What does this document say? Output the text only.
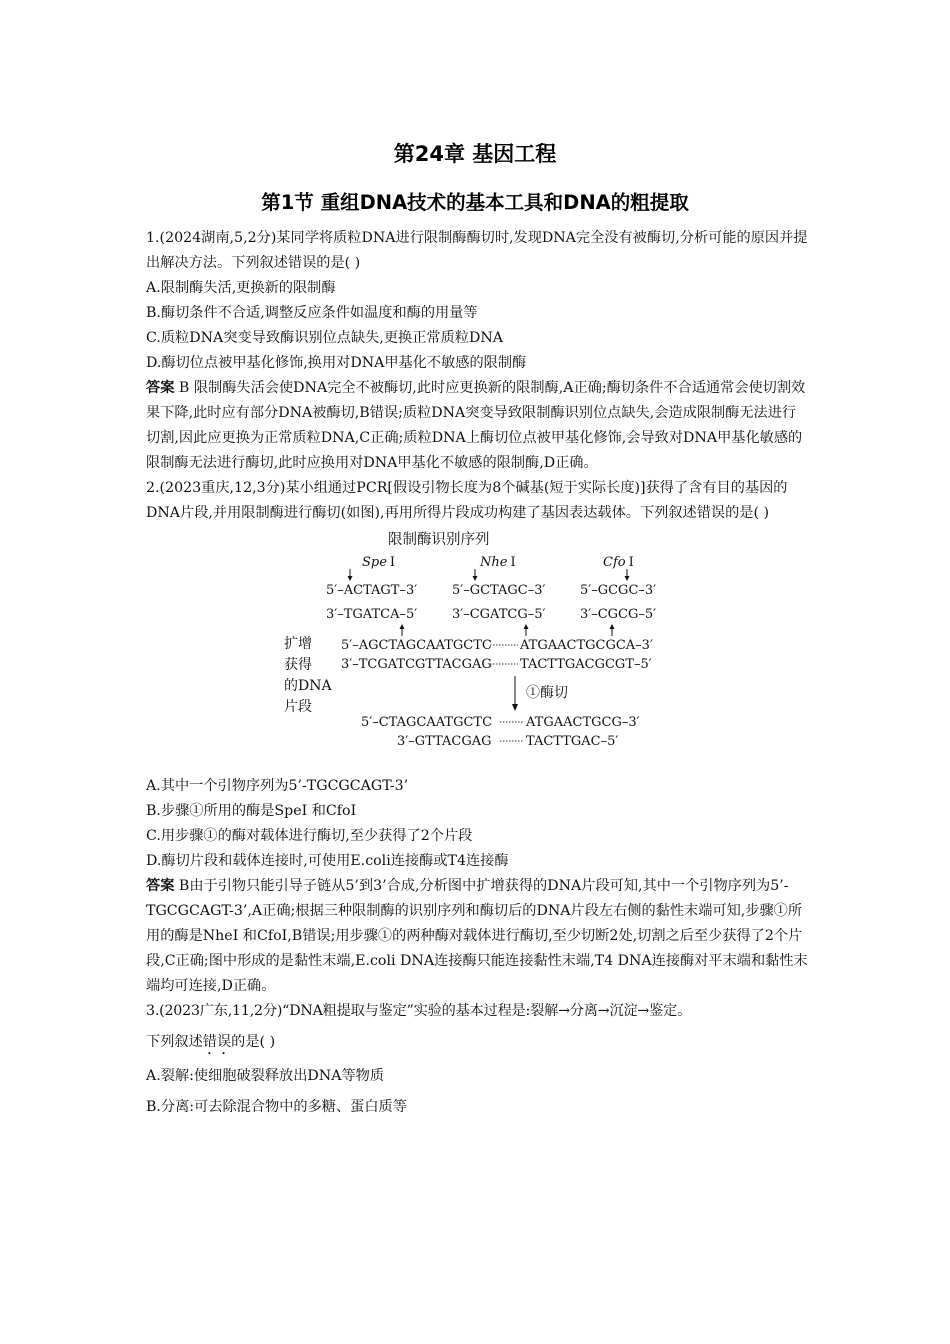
第24章 基因工程
第1节 重组DNA技术的基本工具和DNA的粗提取

1.(2024湖南,5,2分)某同学将质粒DNA进行限制酶酶切时,发现DNA完全没有被酶切,分析可能的原因并提出解决方法。下列叙述错误的是( )

A.限制酶失活,更换新的限制酶

B.酶切条件不合适,调整反应条件如温度和酶的用量等

C.质粒DNA突变导致酶识别位点缺失,更换正常质粒DNA

D.酶切位点被甲基化修饰,换用对DNA甲基化不敏感的限制酶

答案 B 限制酶失活会使DNA完全不被酶切,此时应更换新的限制酶,A正确;酶切条件不合适通常会使切割效果下降,此时应有部分DNA被酶切,B错误;质粒DNA突变导致限制酶识别位点缺失,会造成限制酶无法进行切割,因此应更换为正常质粒DNA,C正确;质粒DNA上酶切位点被甲基化修饰,会导致对DNA甲基化敏感的限制酶无法进行酶切,此时应换用对DNA甲基化不敏感的限制酶,D正确。

2.(2023重庆,12,3分)某小组通过PCR[假设引物长度为8个碱基(短于实际长度)]获得了含有目的基因的DNA片段,并用限制酶进行酶切(如图),再用所得片段成功构建了基因表达载体。下列叙述错误的是( )

限制酶识别序列
Spe Ⅰ	Nhe Ⅰ	Cfo Ⅰ
5′–ACTAGT–3′
3′–TGATCA–5′
5′–GCTAGC–3′
3′–CGATCG–5′
5′–GCGC–3′
3′–CGCG–5′
扩增
获得
的DNA
片段
5′–AGCTAGCAATGCTC ATGAACTGCGCA–3′
3′–TCGATCGTTACGAG TACTTGACGCGT–5′
①酶切
5′–CTAGCAATGCTC	ATGAACTGCG–3′
3′–GTTACGAG	TACTTGAC–5′

A.其中一个引物序列为5’-TGCGCAGT-3’

B.步骤①所用的酶是SpeⅠ 和CfoⅠ

C.用步骤①的酶对载体进行酶切,至少获得了2个片段

D.酶切片段和载体连接时,可使用E.coli连接酶或T4连接酶

答案 B由于引物只能引导子链从5’到3’合成,分析图中扩增获得的DNA片段可知,其中一个引物序列为5’-TGCGCAGT-3’,A正确;根据三种限制酶的识别序列和酶切后的DNA片段左右侧的黏性末端可知,步骤①所用的酶是NheⅠ 和CfoⅠ,B错误;用步骤①的两种酶对载体进行酶切,至少切断2处,切割之后至少获得了2个片段,C正确;图中形成的是黏性末端,E.coli DNA连接酶只能连接黏性末端,T4 DNA连接酶对平末端和黏性末端均可连接,D正确。

3.(2023广东,11,2分)“DNA粗提取与鉴定”实验的基本过程是:裂解→分离→沉淀→鉴定。

下列叙述错误的是( )

A.裂解:使细胞破裂释放出DNA等物质

B.分离:可去除混合物中的多糖、蛋白质等
